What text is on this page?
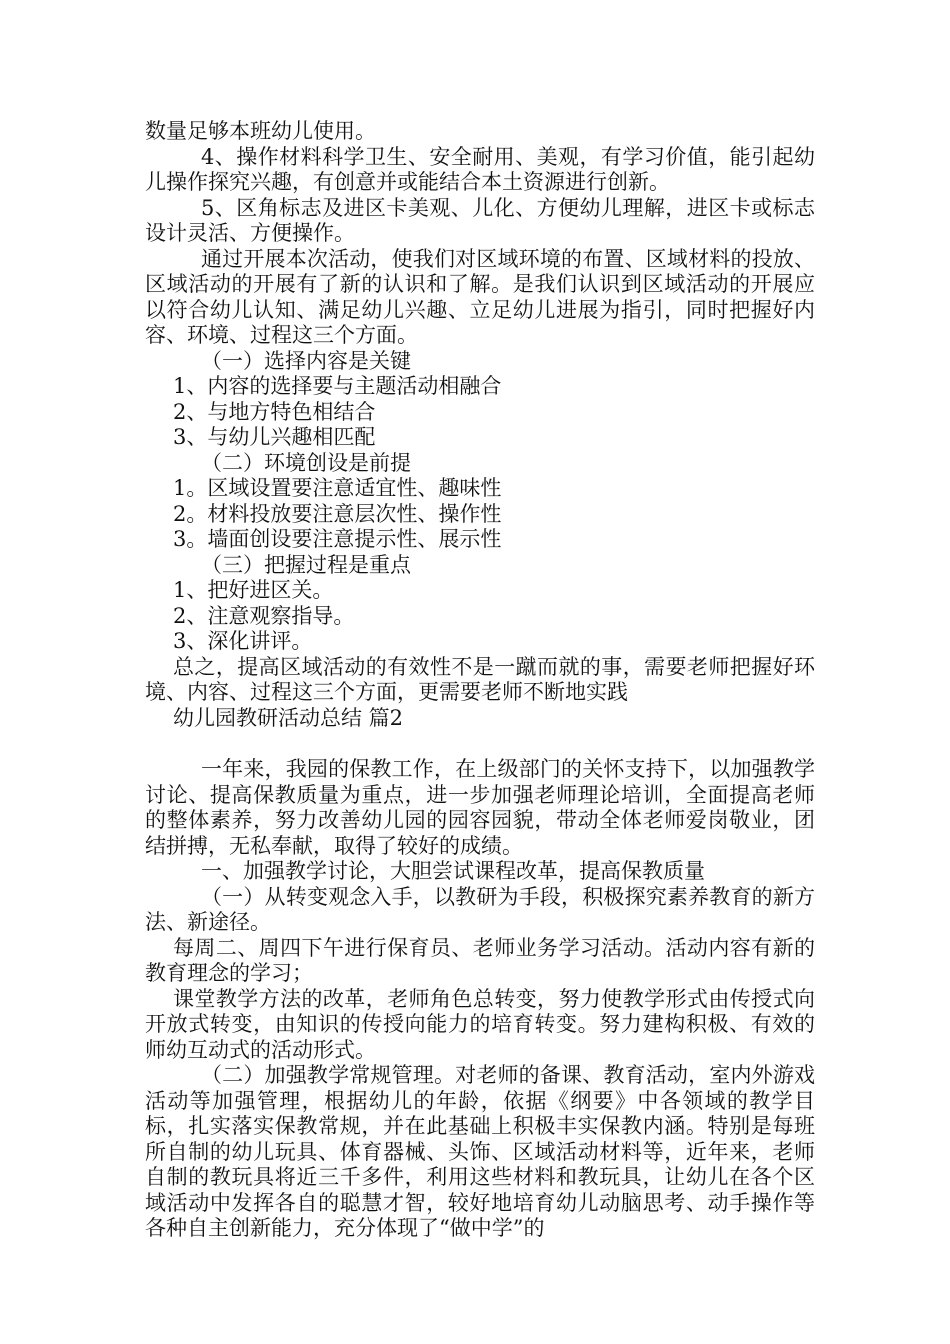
数量足够本班幼儿使用。

4、操作材料科学卫生、安全耐用、美观，有学习价值，能引起幼儿操作探究兴趣，有创意并或能结合本土资源进行创新。

5、区角标志及进区卡美观、儿化、方便幼儿理解，进区卡或标志设计灵活、方便操作。

通过开展本次活动，使我们对区域环境的布置、区域材料的投放、区域活动的开展有了新的认识和了解。是我们认识到区域活动的开展应以符合幼儿认知、满足幼儿兴趣、立足幼儿进展为指引，同时把握好内容、环境、过程这三个方面。

（一）选择内容是关键

1、内容的选择要与主题活动相融合

2、与地方特色相结合

3、与幼儿兴趣相匹配

（二）环境创设是前提

1。区域设置要注意适宜性、趣味性

2。材料投放要注意层次性、操作性

3。墙面创设要注意提示性、展示性

（三）把握过程是重点

1、把好进区关。

2、注意观察指导。

3、深化讲评。

总之，提高区域活动的有效性不是一蹴而就的事，需要老师把握好环境、内容、过程这三个方面，更需要老师不断地实践

幼儿园教研活动总结 篇2

一年来，我园的保教工作，在上级部门的关怀支持下，以加强教学讨论、提高保教质量为重点，进一步加强老师理论培训，全面提高老师的整体素养，努力改善幼儿园的园容园貌，带动全体老师爱岗敬业，团结拼搏，无私奉献，取得了较好的成绩。

一、加强教学讨论，大胆尝试课程改革，提高保教质量

（一）从转变观念入手，以教研为手段，积极探究素养教育的新方法、新途径。

每周二、周四下午进行保育员、老师业务学习活动。活动内容有新的教育理念的学习；

课堂教学方法的改革，老师角色总转变，努力使教学形式由传授式向开放式转变，由知识的传授向能力的培育转变。努力建构积极、有效的师幼互动式的活动形式。

（二）加强教学常规管理。对老师的备课、教育活动，室内外游戏活动等加强管理，根据幼儿的年龄，依据《纲要》中各领域的教学目标，扎实落实保教常规，并在此基础上积极丰实保教内涵。特别是每班所自制的幼儿玩具、体育器械、头饰、区域活动材料等，近年来，老师自制的教玩具将近三千多件，利用这些材料和教玩具，让幼儿在各个区域活动中发挥各自的聪慧才智，较好地培育幼儿动脑思考、动手操作等各种自主创新能力，充分体现了“做中学”的
